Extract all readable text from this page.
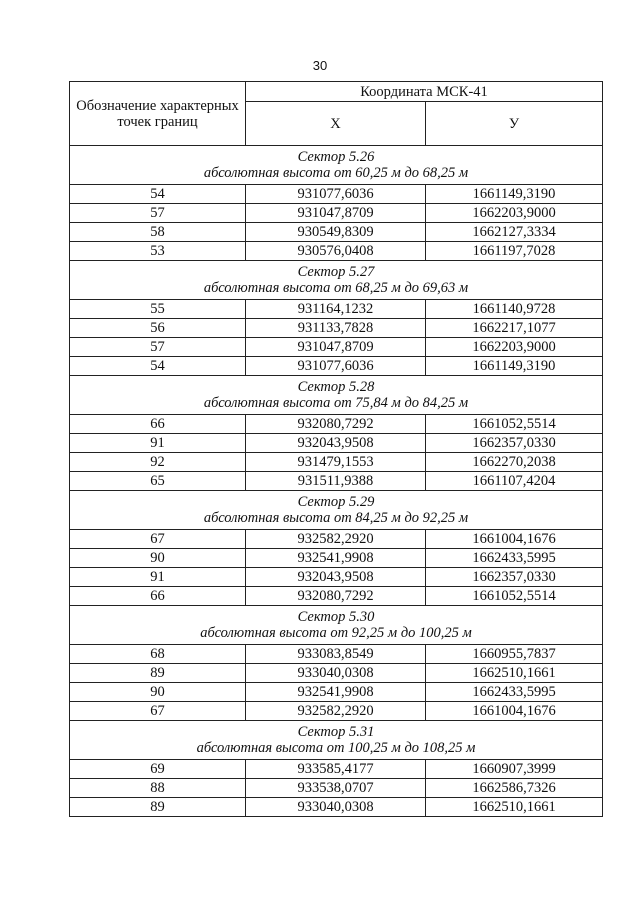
30
Обозначение характерных точек границ	Координата МСК-41	
	X	У

Сектор 5.26
абсолютная высота от 60,25 м до 68,25 м		

54	931077,6036	1661149,3190
57	931047,8709	1662203,9000
58	930549,8309	1662127,3334
53	930576,0408	1661197,7028

Сектор 5.27
абсолютная высота от 68,25 м до 69,63 м		

55	931164,1232	1661140,9728
56	931133,7828	1662217,1077
57	931047,8709	1662203,9000
54	931077,6036	1661149,3190

Сектор 5.28
абсолютная высота от 75,84 м до 84,25 м		

66	932080,7292	1661052,5514
91	932043,9508	1662357,0330
92	931479,1553	1662270,2038
65	931511,9388	1661107,4204

Сектор 5.29
абсолютная высота от 84,25 м до 92,25 м		

67	932582,2920	1661004,1676
90	932541,9908	1662433,5995
91	932043,9508	1662357,0330
66	932080,7292	1661052,5514

Сектор 5.30
абсолютная высота от 92,25 м до 100,25 м		

68	933083,8549	1660955,7837
89	933040,0308	1662510,1661
90	932541,9908	1662433,5995
67	932582,2920	1661004,1676

Сектор 5.31
абсолютная высота от 100,25 м до 108,25 м		

69	933585,4177	1660907,3999
88	933538,0707	1662586,7326
89	933040,0308	1662510,1661
